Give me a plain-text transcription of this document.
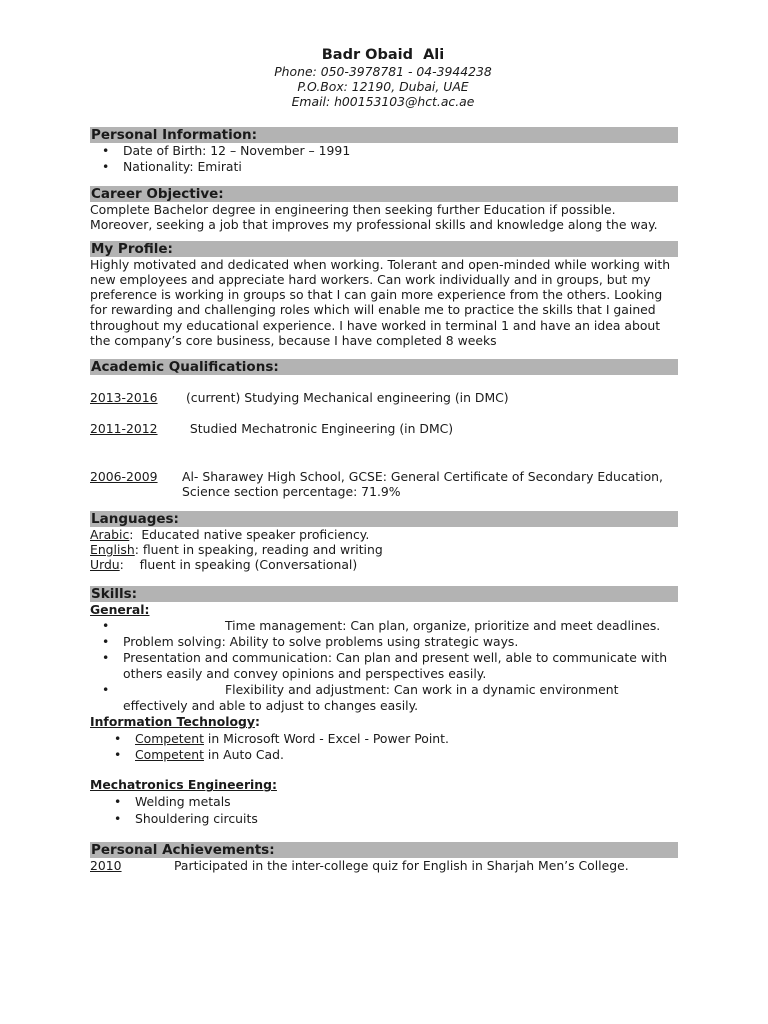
Badr Obaid  Ali
Phone: 050-3978781 - 04-3944238
P.O.Box: 12190, Dubai, UAE
Email: h00153103@hct.ac.ae
Personal Information:
• Date of Birth: 12 – November – 1991
• Nationality: Emirati
Career Objective:

Complete Bachelor degree in engineering then seeking further Education if possible. Moreover, seeking a job that improves my professional skills and knowledge along the way.

My Profile:

Highly motivated and dedicated when working. Tolerant and open-minded while working with new employees and appreciate hard workers. Can work individually and in groups, but my preference is working in groups so that I can gain more experience from the others. Looking for rewarding and challenging roles which will enable me to practice the skills that I gained throughout my educational experience. I have worked in terminal 1 and have an idea about the company’s core business, because I have completed 8 weeks

Academic Qualifications:
2013-2016	(current) Studying Mechanical engineering (in DMC)
2011-2012	Studied Mechatronic Engineering (in DMC)
2006-2009	Al- Sharawey High School, GCSE: General Certificate of Secondary Education, Science section percentage: 71.9%
Languages:
Arabic:  Educated native speaker proficiency.
English: fluent in speaking, reading and writing
Urdu:    fluent in speaking (Conversational)
Skills:
General:
• Time management: Can plan, organize, prioritize and meet deadlines.
• Problem solving: Ability to solve problems using strategic ways.
• Presentation and communication: Can plan and present well, able to communicate with others easily and convey opinions and perspectives easily.
• Flexibility and adjustment: Can work in a dynamic environment effectively and able to adjust to changes easily.
Information Technology:
• Competent in Microsoft Word - Excel - Power Point.
• Competent in Auto Cad.
Mechatronics Engineering:
• Welding metals
• Shouldering circuits
Personal Achievements:
2010	Participated in the inter-college quiz for English in Sharjah Men’s College.
